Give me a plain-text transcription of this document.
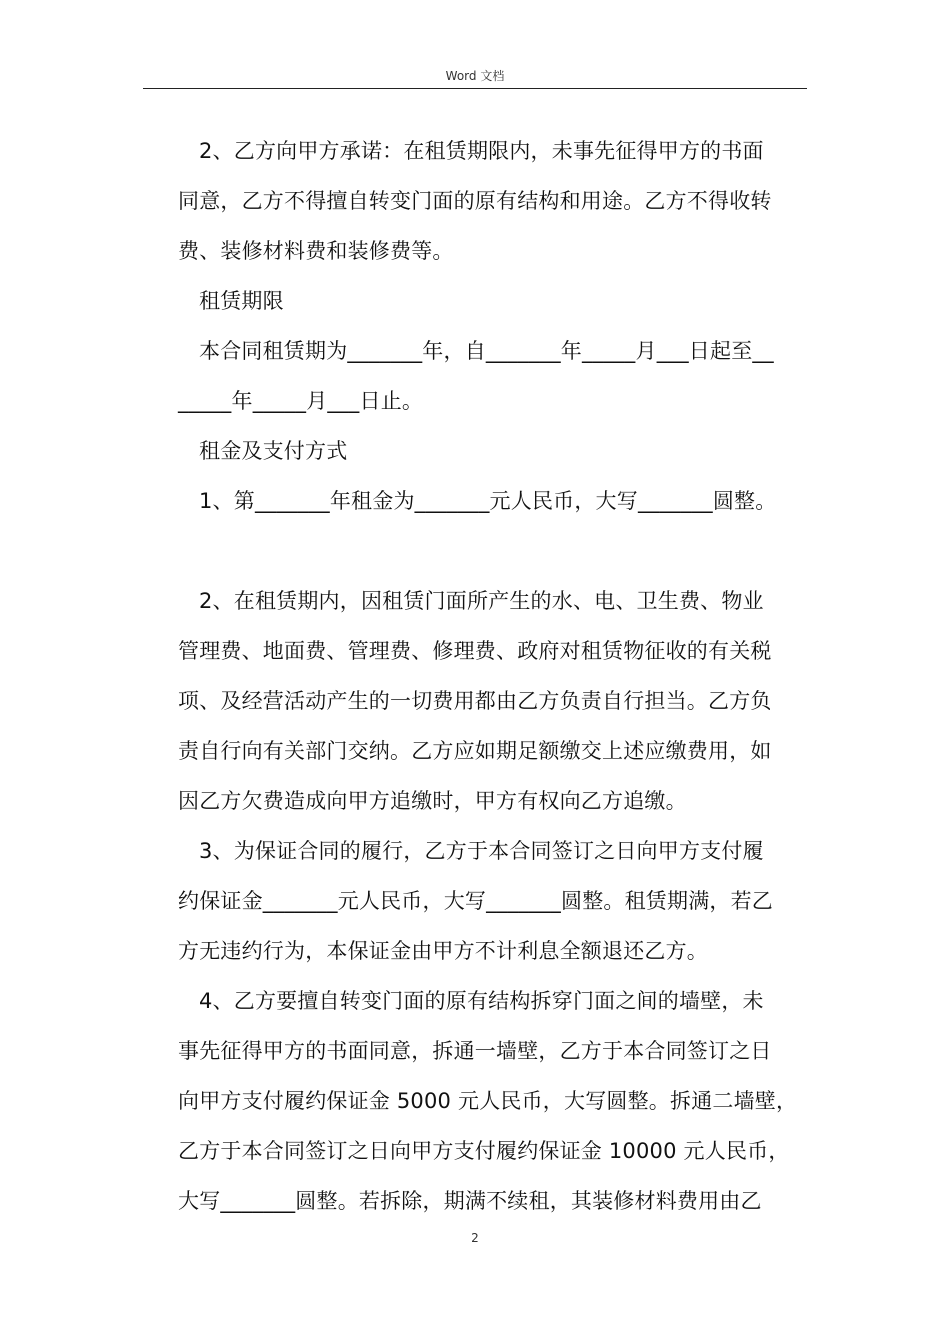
Word 文档
2、乙方向甲方承诺：在租赁期限内，未事先征得甲方的书面
同意，乙方不得擅自转变门面的原有结构和用途。乙方不得收转
费、装修材料费和装修费等。
租赁期限
本合同租赁期为_______年，自_______年_____月___日起至__
_____年_____月___日止。
租金及支付方式
1、第_______年租金为_______元人民币，大写_______圆整。
2、在租赁期内，因租赁门面所产生的水、电、卫生费、物业
管理费、地面费、管理费、修理费、政府对租赁物征收的有关税
项、及经营活动产生的一切费用都由乙方负责自行担当。乙方负
责自行向有关部门交纳。乙方应如期足额缴交上述应缴费用，如
因乙方欠费造成向甲方追缴时，甲方有权向乙方追缴。
3、为保证合同的履行，乙方于本合同签订之日向甲方支付履
约保证金_______元人民币，大写_______圆整。租赁期满，若乙
方无违约行为，本保证金由甲方不计利息全额退还乙方。
4、乙方要擅自转变门面的原有结构拆穿门面之间的墙壁，未
事先征得甲方的书面同意，拆通一墙壁，乙方于本合同签订之日
向甲方支付履约保证金 5000 元人民币，大写圆整。拆通二墙壁，
乙方于本合同签订之日向甲方支付履约保证金 10000 元人民币，
大写_______圆整。若拆除，期满不续租，其装修材料费用由乙
2
